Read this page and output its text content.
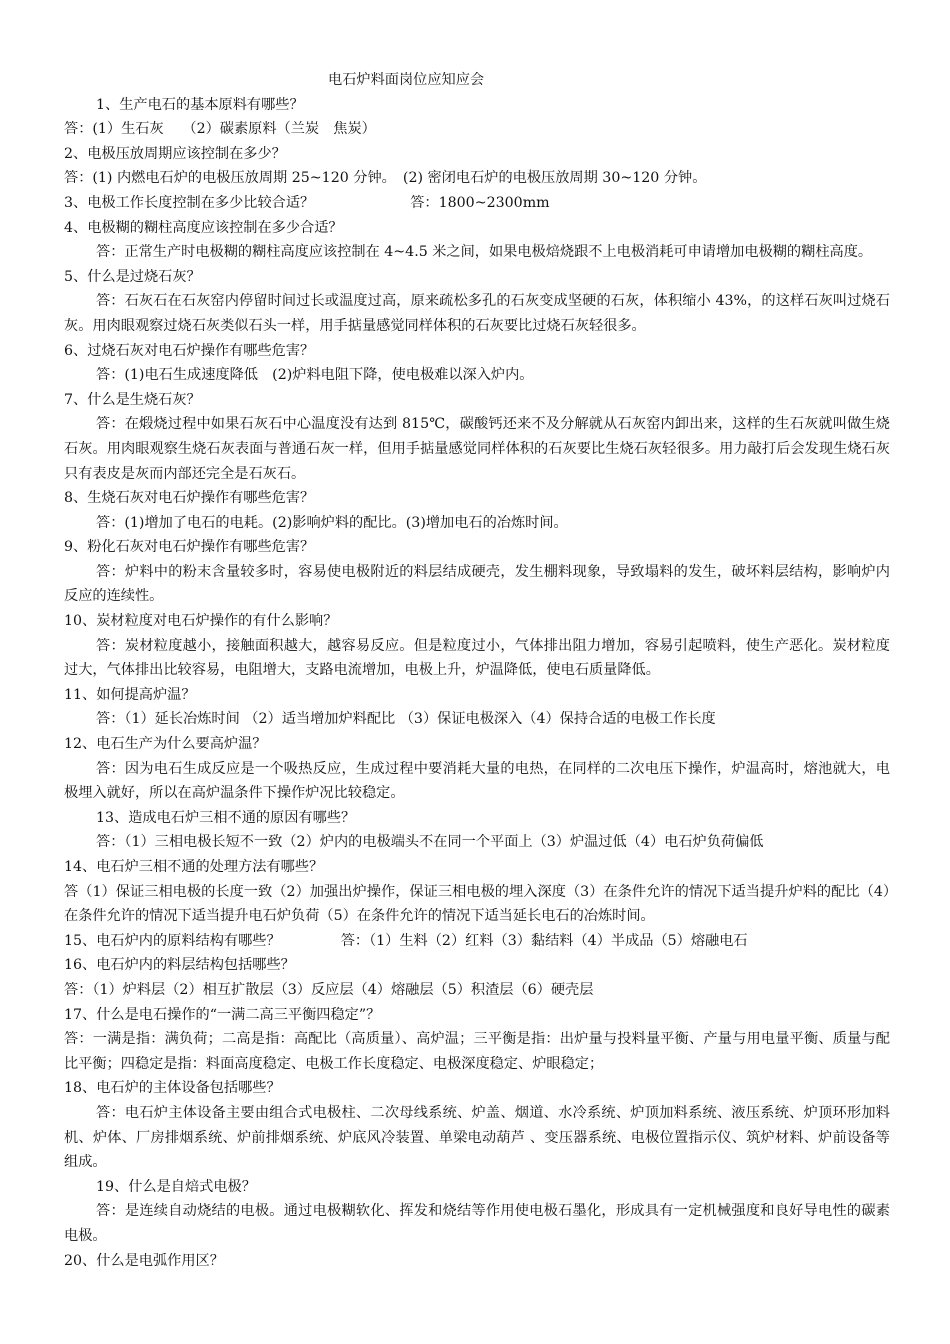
电石炉料面岗位应知应会
1、生产电石的基本原料有哪些？
答：(1）生石灰　 （2）碳素原料（兰炭　焦炭）
2、电极压放周期应该控制在多少？
答：(1) 内燃电石炉的电极压放周期 25~120 分钟。　(2) 密闭电石炉的电极压放周期 30~120 分钟。
3、电极工作长度控制在多少比较合适？	答：1800~2300mm
4、电极糊的糊柱高度应该控制在多少合适？
答：正常生产时电极糊的糊柱高度应该控制在 4~4.5 米之间，如果电极焙烧跟不上电极消耗可申请增加电极糊的糊柱高度。
5、什么是过烧石灰？
答：石灰石在石灰窑内停留时间过长或温度过高，原来疏松多孔的石灰变成坚硬的石灰，体积缩小 43%，的这样石灰叫过烧石灰。用肉眼观察过烧石灰类似石头一样，用手掂量感觉同样体积的石灰要比过烧石灰轻很多。
6、过烧石灰对电石炉操作有哪些危害？
答：(1)电石生成速度降低　(2)炉料电阻下降，使电极难以深入炉内。
7、什么是生烧石灰？
答：在煅烧过程中如果石灰石中心温度没有达到 815℃，碳酸钙还来不及分解就从石灰窑内卸出来，这样的生石灰就叫做生烧石灰。用肉眼观察生烧石灰表面与普通石灰一样，但用手掂量感觉同样体积的石灰要比生烧石灰轻很多。用力敲打后会发现生烧石灰只有表皮是灰而内部还完全是石灰石。
8、生烧石灰对电石炉操作有哪些危害？
答：(1)增加了电石的电耗。(2)影响炉料的配比。(3)增加电石的冶炼时间。
9、粉化石灰对电石炉操作有哪些危害？
答：炉料中的粉末含量较多时，容易使电极附近的料层结成硬壳，发生棚料现象，导致塌料的发生，破坏料层结构，影响炉内反应的连续性。
10、炭材粒度对电石炉操作的有什么影响？
答：炭材粒度越小，接触面积越大，越容易反应。但是粒度过小，气体排出阻力增加，容易引起喷料，使生产恶化。炭材粒度过大，气体排出比较容易，电阻增大，支路电流增加，电极上升，炉温降低，使电石质量降低。
11、如何提高炉温？
答：（1）延长冶炼时间 （2）适当增加炉料配比 （3）保证电极深入（4）保持合适的电极工作长度
12、电石生产为什么要高炉温？
答：因为电石生成反应是一个吸热反应，生成过程中要消耗大量的电热，在同样的二次电压下操作，炉温高时，熔池就大，电极埋入就好，所以在高炉温条件下操作炉况比较稳定。
13、造成电石炉三相不通的原因有哪些？
答：（1）三相电极长短不一致（2）炉内的电极端头不在同一个平面上（3）炉温过低（4）电石炉负荷偏低
14、电石炉三相不通的处理方法有哪些？
答（1）保证三相电极的长度一致（2）加强出炉操作，保证三相电极的埋入深度（3）在条件允许的情况下适当提升炉料的配比（4）在条件允许的情况下适当提升电石炉负荷（5）在条件允许的情况下适当延长电石的冶炼时间。
15、电石炉内的原料结构有哪些？	答：（1）生料（2）红料（3）黏结料（4）半成品（5）熔融电石
16、电石炉内的料层结构包括哪些？
答：（1）炉料层（2）相互扩散层（3）反应层（4）熔融层（5）积渣层（6）硬壳层
17、什么是电石操作的“一满二高三平衡四稳定”？
答：一满是指：满负荷；二高是指：高配比（高质量）、高炉温；三平衡是指：出炉量与投料量平衡、产量与用电量平衡、质量与配比平衡；四稳定是指：料面高度稳定、电极工作长度稳定、电极深度稳定、炉眼稳定；
18、电石炉的主体设备包括哪些？
答：电石炉主体设备主要由组合式电极柱、二次母线系统、炉盖、烟道、水冷系统、炉顶加料系统、液压系统、炉顶环形加料机、炉体、厂房排烟系统、炉前排烟系统、炉底风冷装置、单梁电动葫芦 、变压器系统、电极位置指示仪、筑炉材料、炉前设备等组成。
19、什么是自焙式电极？
答：是连续自动烧结的电极。通过电极糊软化、挥发和烧结等作用使电极石墨化，形成具有一定机械强度和良好导电性的碳素电极。
20、什么是电弧作用区？
